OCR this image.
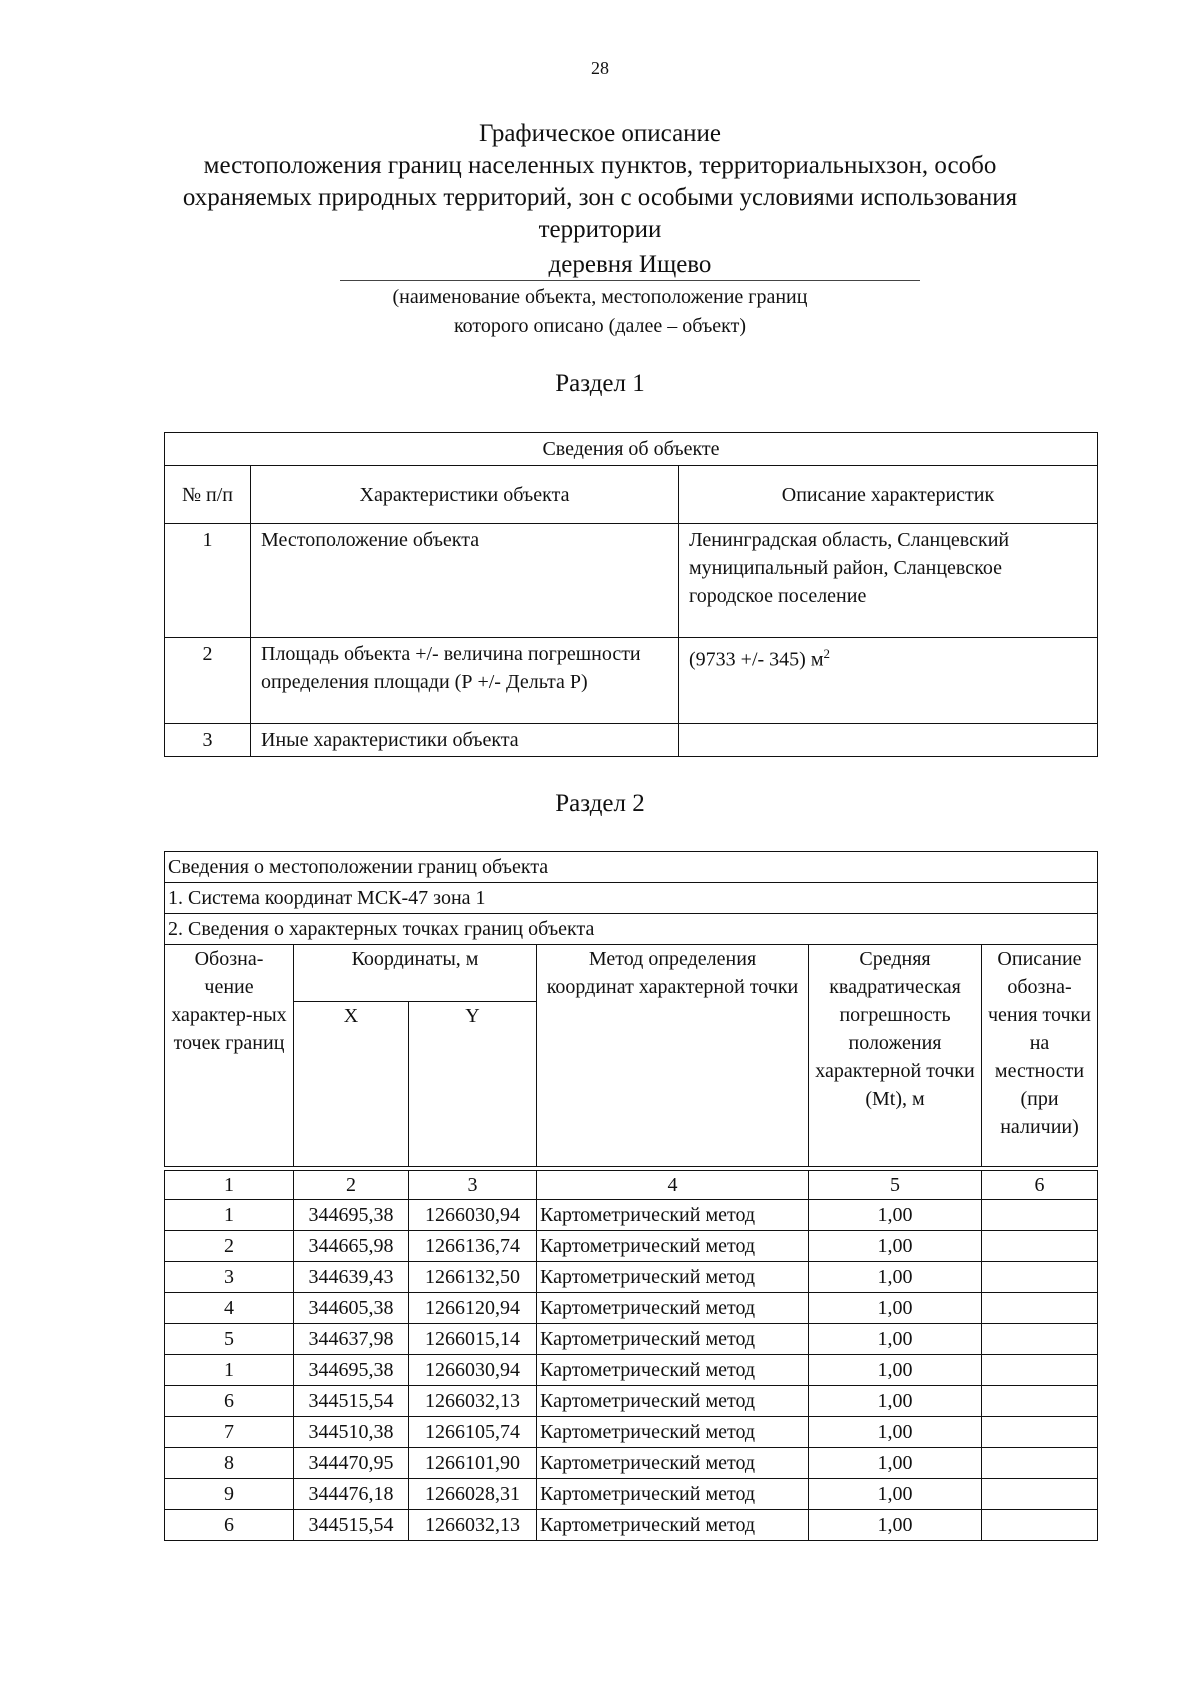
28
Графическое описание
местоположения границ населенных пунктов, территориальныхзон, особо
охраняемых природных территорий, зон с особыми условиями использования
территории
деревня Ищево
(наименование объекта, местоположение границ
которого описано (далее – объект)
Раздел 1
Сведения об объекте		
№ п/п	Характеристики объекта	Описание характеристик
1	Местоположение объекта	Ленинградская область, Сланцевский муниципальный район, Сланцевское городское поселение
2	Площадь объекта +/- величина погрешности определения площади (Р +/- Дельта Р)	(9733 +/- 345) $м^2$
3	Иные характеристики объекта	
Раздел 2
Сведения о местоположении границ объекта					
1. Система координат МСК-47 зона 1					
2. Сведения о характерных точках границ объекта					
Обозна-чение характер-ных точек границ	Координаты, м		Метод определения координат характерной точки	Средняя квадратическая погрешность положения характерной точки (Mt), м	Описание обозна-чения точки на местности (при наличии)
	X	Y			

1	2	3	4	5	6
1	344695,38	1266030,94	Картометрический метод	1,00	
2	344665,98	1266136,74	Картометрический метод	1,00	
3	344639,43	1266132,50	Картометрический метод	1,00	
4	344605,38	1266120,94	Картометрический метод	1,00	
5	344637,98	1266015,14	Картометрический метод	1,00	
1	344695,38	1266030,94	Картометрический метод	1,00	
6	344515,54	1266032,13	Картометрический метод	1,00	
7	344510,38	1266105,74	Картометрический метод	1,00	
8	344470,95	1266101,90	Картометрический метод	1,00	
9	344476,18	1266028,31	Картометрический метод	1,00	
6	344515,54	1266032,13	Картометрический метод	1,00	
